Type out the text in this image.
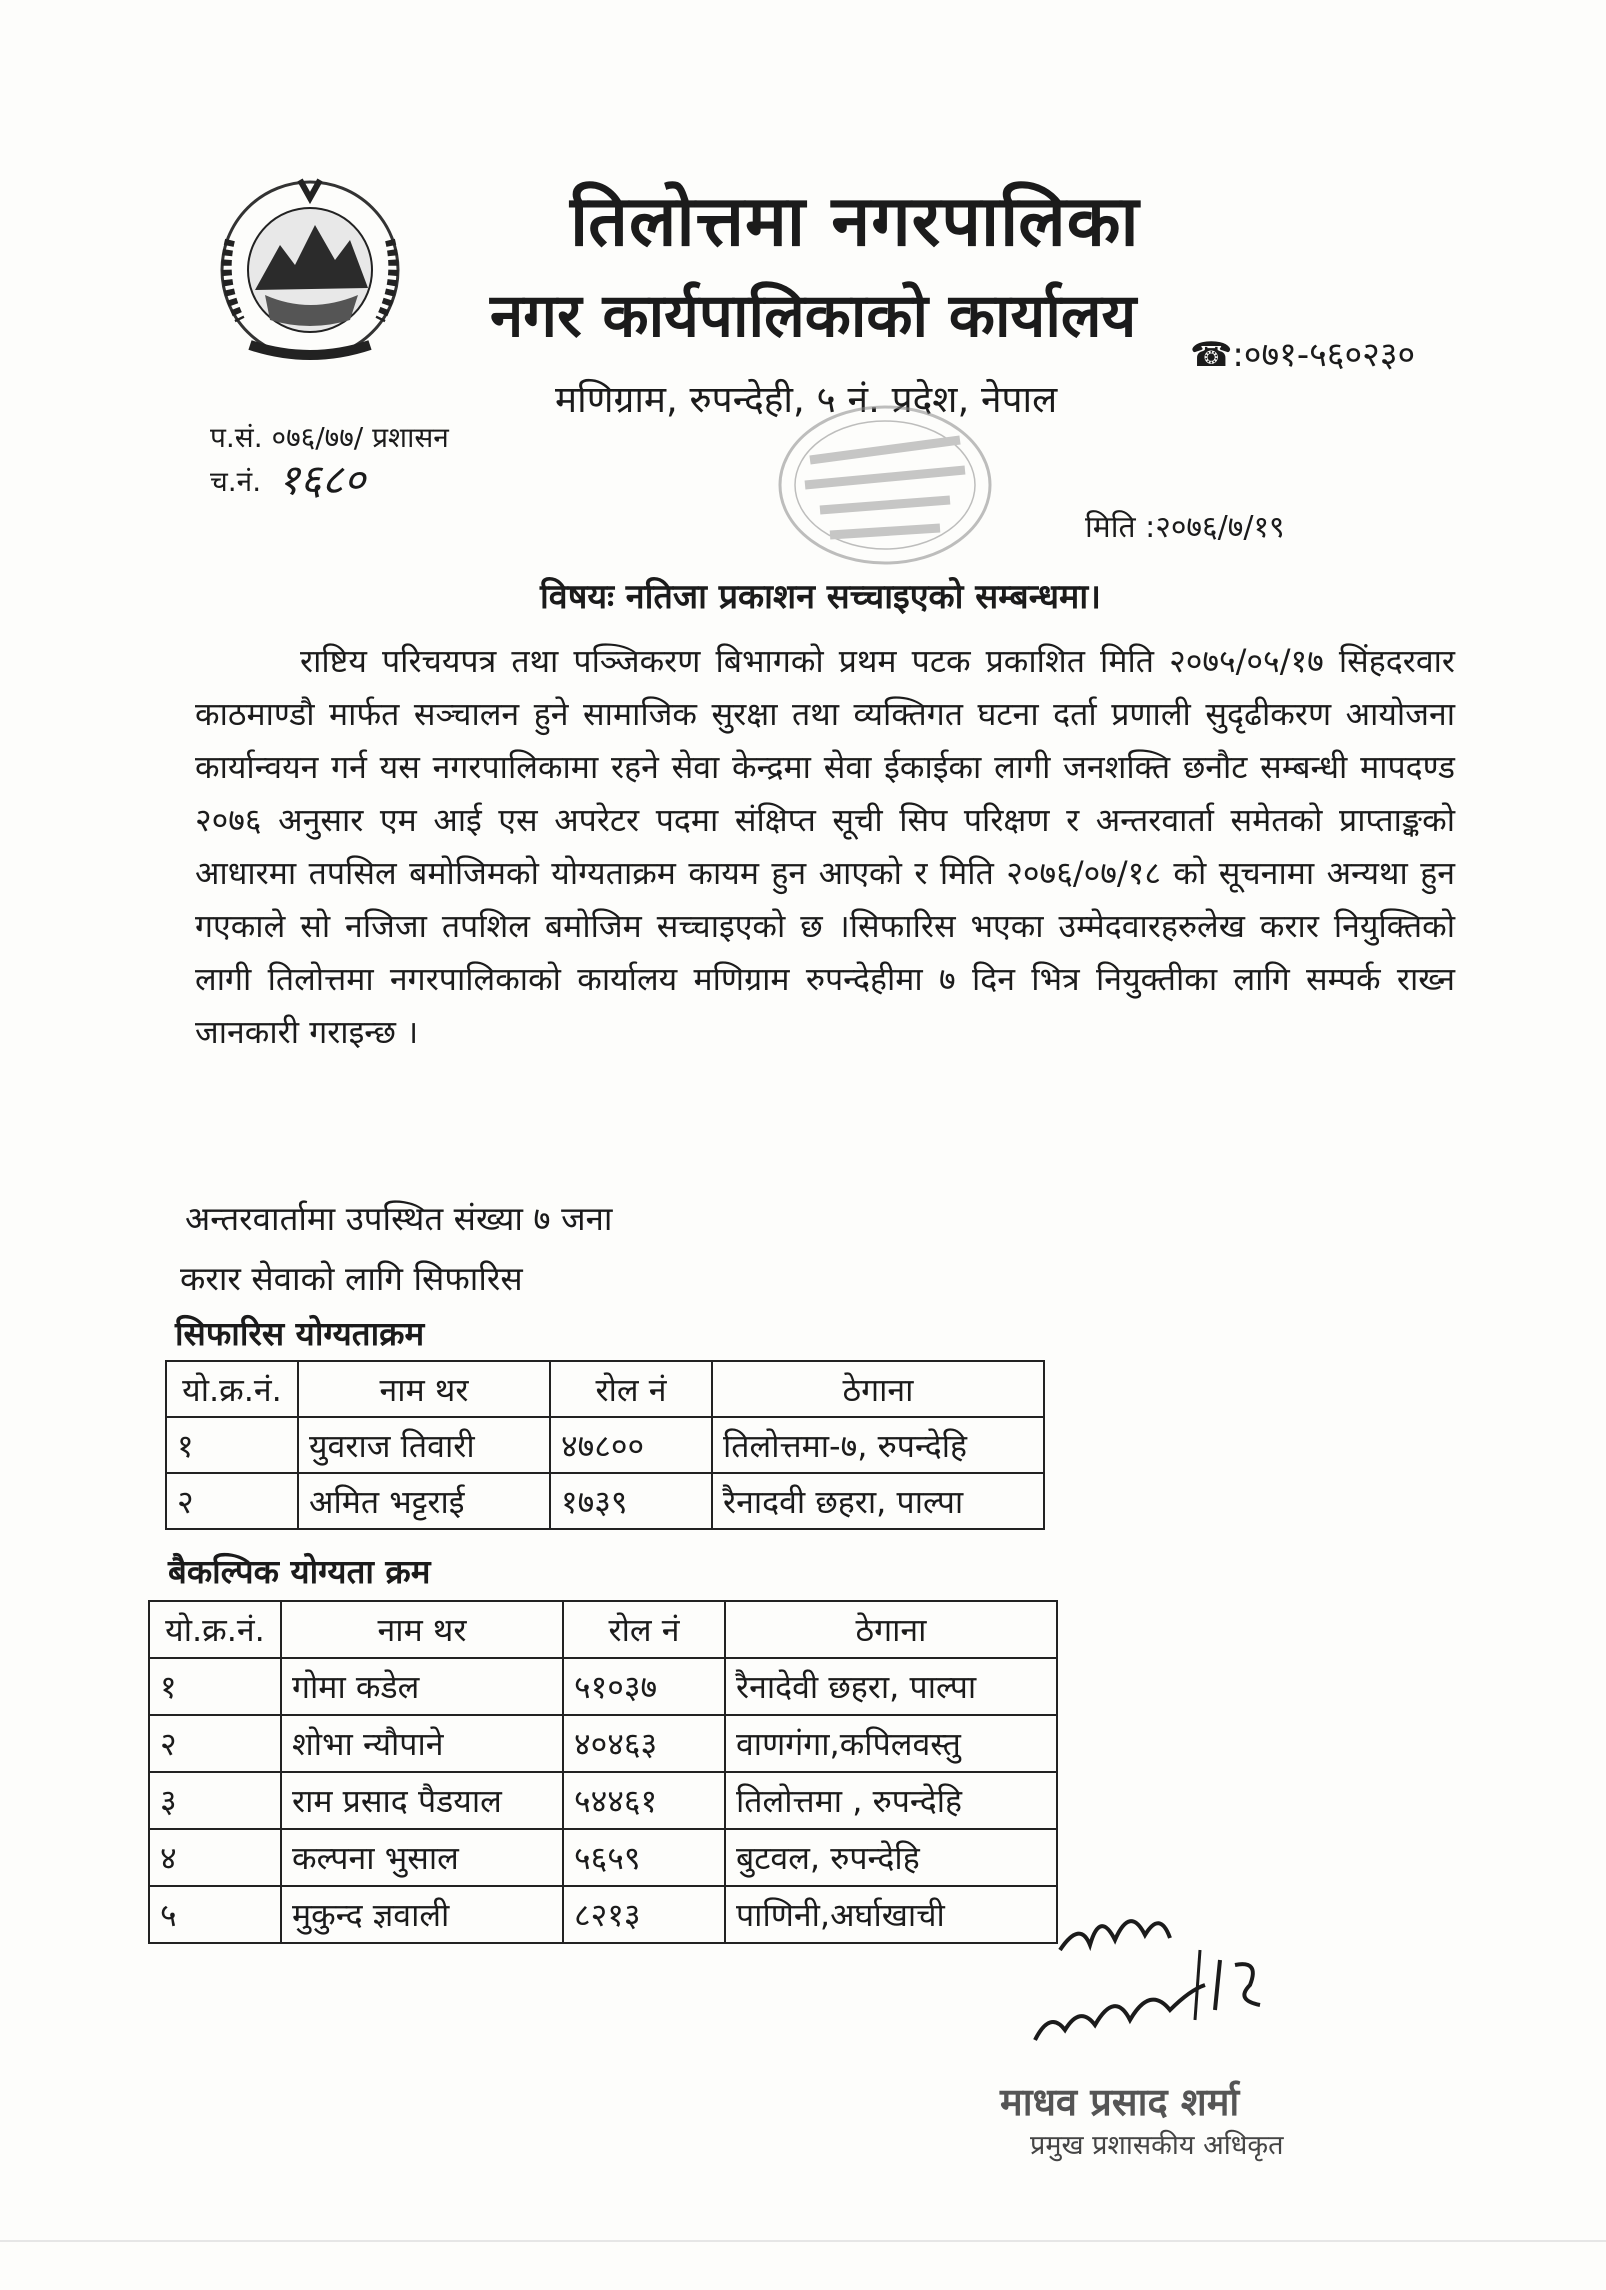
तिलोत्तमा नगरपालिका
नगर कार्यपालिकाको कार्यालय
☎:०७१-५६०२३०
मणिग्राम, रुपन्देही, ५ नं. प्रदेश, नेपाल
प.सं. ०७६/७७/ प्रशासन
च.नं. १६८०
मिति :२०७६/७/१९
विषयः नतिजा प्रकाशन सच्चाइएको सम्बन्धमा।
राष्टिय परिचयपत्र तथा पञ्जिकरण बिभागको प्रथम पटक प्रकाशित मिति २०७५/०५/१७ सिंहदरवार काठमाण्डौ मार्फत सञ्चालन हुने सामाजिक सुरक्षा तथा व्यक्तिगत घटना दर्ता प्रणाली सुदृढीकरण आयोजना कार्यान्वयन गर्न यस नगरपालिकामा रहने सेवा केन्द्रमा सेवा ईकाईका लागी जनशक्ति छनौट सम्बन्धी मापदण्ड २०७६ अनुसार एम आई एस अपरेटर पदमा संक्षिप्त सूची सिप परिक्षण र अन्तरवार्ता समेतको प्राप्ताङ्कको आधारमा तपसिल बमोजिमको योग्यताक्रम कायम हुन आएको र मिति २०७६/०७/१८ को सूचनामा अन्यथा हुन गएकाले सो नजिजा तपशिल बमोजिम सच्चाइएको छ ।सिफारिस भएका उम्मेदवारहरुलेख करार नियुक्तिको लागी तिलोत्तमा नगरपालिकाको कार्यालय मणिग्राम रुपन्देहीमा ७ दिन भित्र नियुक्तीका लागि सम्पर्क राख्न जानकारी गराइन्छ ।
अन्तरवार्तामा उपस्थित संख्या ७ जना
करार सेवाको लागि सिफारिस
सिफारिस योग्यताक्रम
यो.क्र.नं.	नाम थर	रोल नं	ठेगाना
१	युवराज तिवारी	४७८००	तिलोत्तमा-७, रुपन्देहि
२	अमित भट्टराई	१७३९	रैनादवी छहरा, पाल्पा
बैकल्पिक योग्यता क्रम
यो.क्र.नं.	नाम थर	रोल नं	ठेगाना
१	गोमा कडेल	५१०३७	रैनादेवी छहरा, पाल्पा
२	शोभा न्यौपाने	४०४६३	वाणगंगा,कपिलवस्तु
३	राम प्रसाद पैडयाल	५४४६१	तिलोत्तमा , रुपन्देहि
४	कल्पना भुसाल	५६५९	बुटवल, रुपन्देहि
५	मुकुन्द ज्ञवाली	८२१३	पाणिनी,अर्घाखाची
माधव प्रसाद शर्मा
प्रमुख प्रशासकीय अधिकृत
